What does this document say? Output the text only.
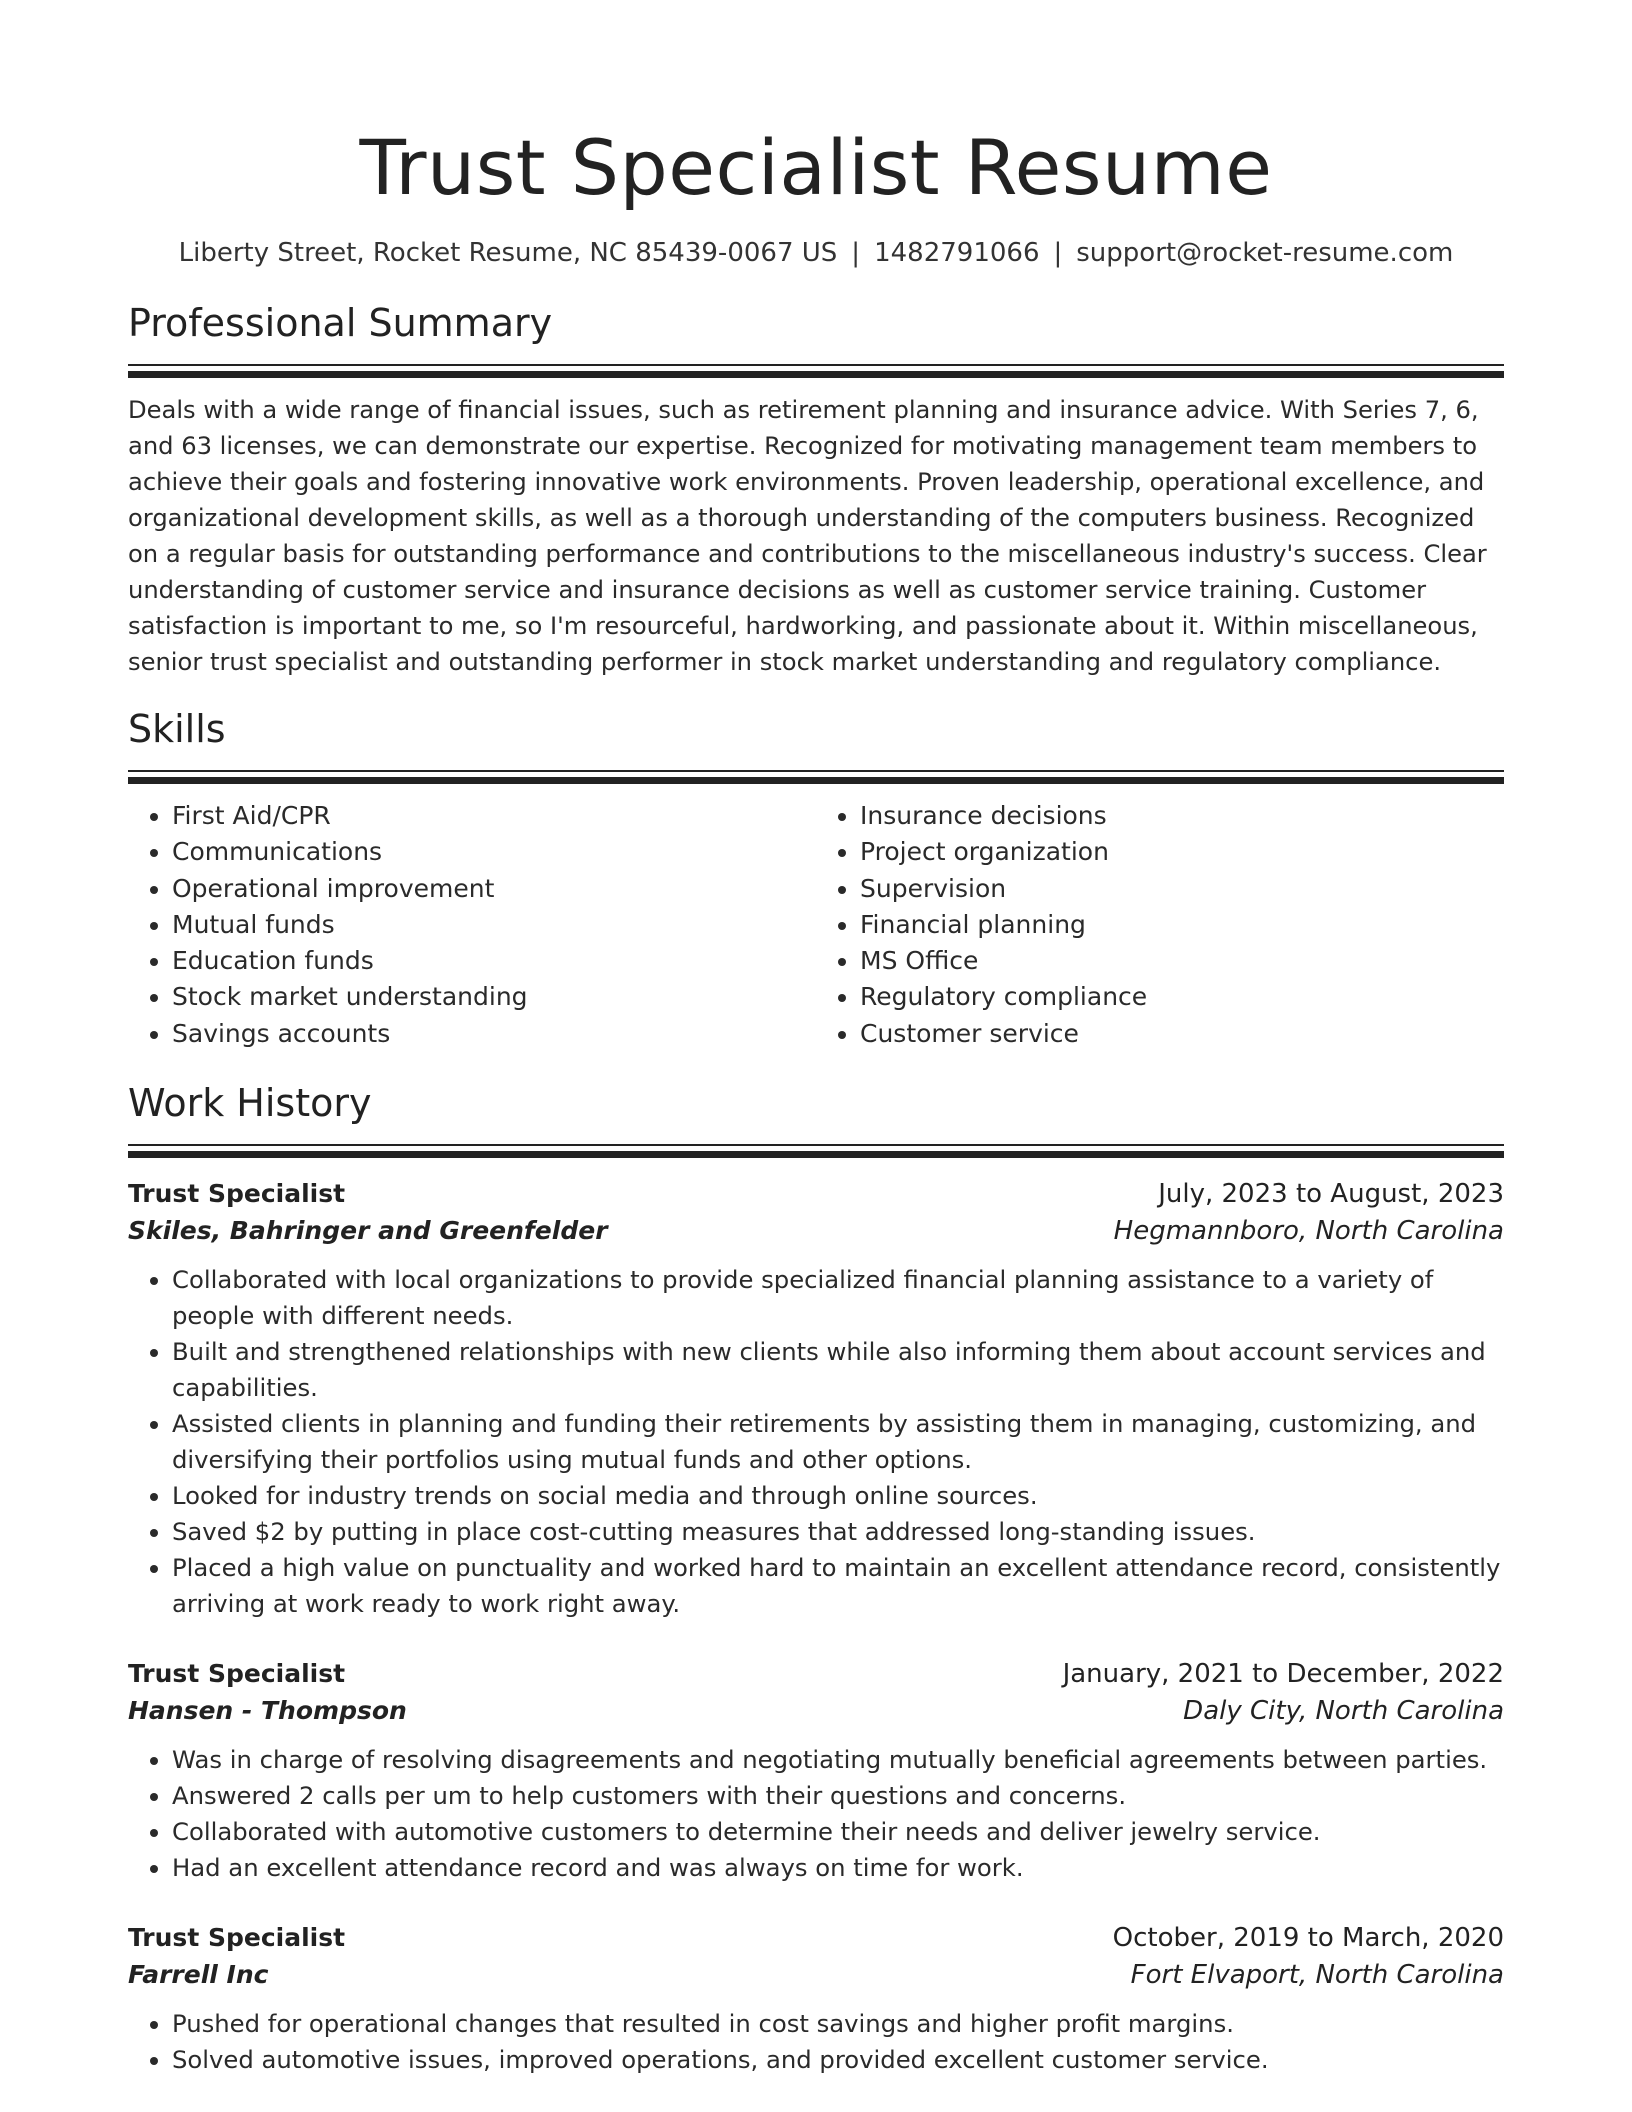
Trust Specialist Resume
Liberty Street, Rocket Resume, NC 85439-0067 US | 1482791066 | support@rocket-resume.com
Professional Summary
Deals with a wide range of financial issues, such as retirement planning and insurance advice. With Series 7, 6, and 63 licenses, we can demonstrate our expertise. Recognized for motivating management team members to achieve their goals and fostering innovative work environments. Proven leadership, operational excellence, and organizational development skills, as well as a thorough understanding of the computers business. Recognized on a regular basis for outstanding performance and contributions to the miscellaneous industry's success. Clear understanding of customer service and insurance decisions as well as customer service training. Customer satisfaction is important to me, so I'm resourceful, hardworking, and passionate about it. Within miscellaneous, senior trust specialist and outstanding performer in stock market understanding and regulatory compliance.
Skills
• First Aid/CPR
• Communications
• Operational improvement
• Mutual funds
• Education funds
• Stock market understanding
• Savings accounts
• Insurance decisions
• Project organization
• Supervision
• Financial planning
• MS Office
• Regulatory compliance
• Customer service
Work History
Trust Specialist	July, 2023 to August, 2023
Skiles, Bahringer and Greenfelder	Hegmannboro, North Carolina
• Collaborated with local organizations to provide specialized financial planning assistance to a variety of people with different needs.
• Built and strengthened relationships with new clients while also informing them about account services and capabilities.
• Assisted clients in planning and funding their retirements by assisting them in managing, customizing, and diversifying their portfolios using mutual funds and other options.
• Looked for industry trends on social media and through online sources.
• Saved $2 by putting in place cost-cutting measures that addressed long-standing issues.
• Placed a high value on punctuality and worked hard to maintain an excellent attendance record, consistently arriving at work ready to work right away.
Trust Specialist	January, 2021 to December, 2022
Hansen - Thompson	Daly City, North Carolina
• Was in charge of resolving disagreements and negotiating mutually beneficial agreements between parties.
• Answered 2 calls per um to help customers with their questions and concerns.
• Collaborated with automotive customers to determine their needs and deliver jewelry service.
• Had an excellent attendance record and was always on time for work.
Trust Specialist	October, 2019 to March, 2020
Farrell Inc	Fort Elvaport, North Carolina
• Pushed for operational changes that resulted in cost savings and higher profit margins.
• Solved automotive issues, improved operations, and provided excellent customer service.
